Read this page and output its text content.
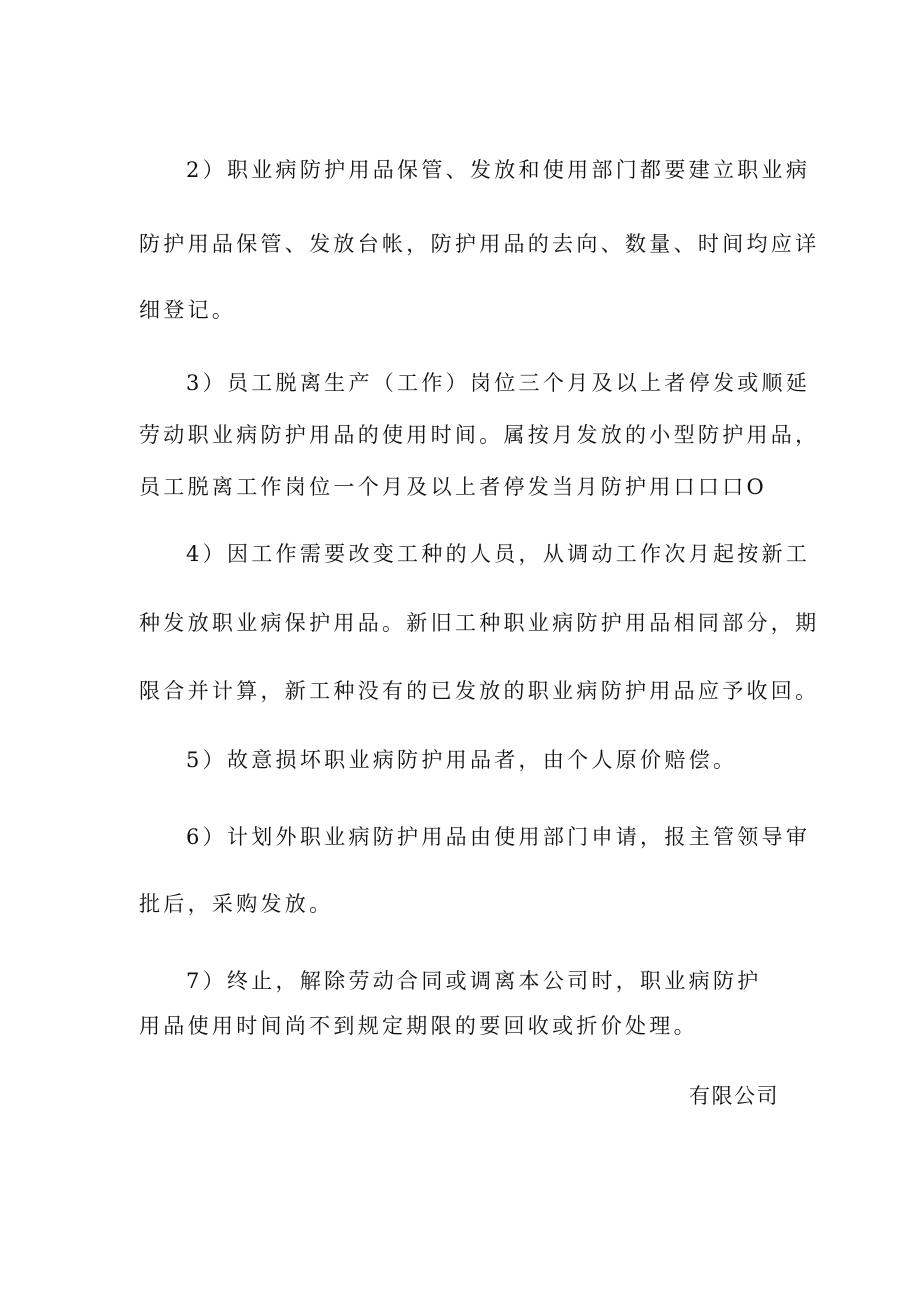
2）职业病防护用品保管、发放和使用部门都要建立职业病
防护用品保管、发放台帐，防护用品的去向、数量、时间均应详
细登记。
3）员工脱离生产（工作）岗位三个月及以上者停发或顺延
劳动职业病防护用品的使用时间。属按月发放的小型防护用品，
员工脱离工作岗位一个月及以上者停发当月防护用口口口O
4）因工作需要改变工种的人员，从调动工作次月起按新工
种发放职业病保护用品。新旧工种职业病防护用品相同部分，期
限合并计算，新工种没有的已发放的职业病防护用品应予收回。
5）故意损坏职业病防护用品者，由个人原价赔偿。
6）计划外职业病防护用品由使用部门申请，报主管领导审
批后，采购发放。
7）终止，解除劳动合同或调离本公司时，职业病防护
用品使用时间尚不到规定期限的要回收或折价处理。
有限公司
